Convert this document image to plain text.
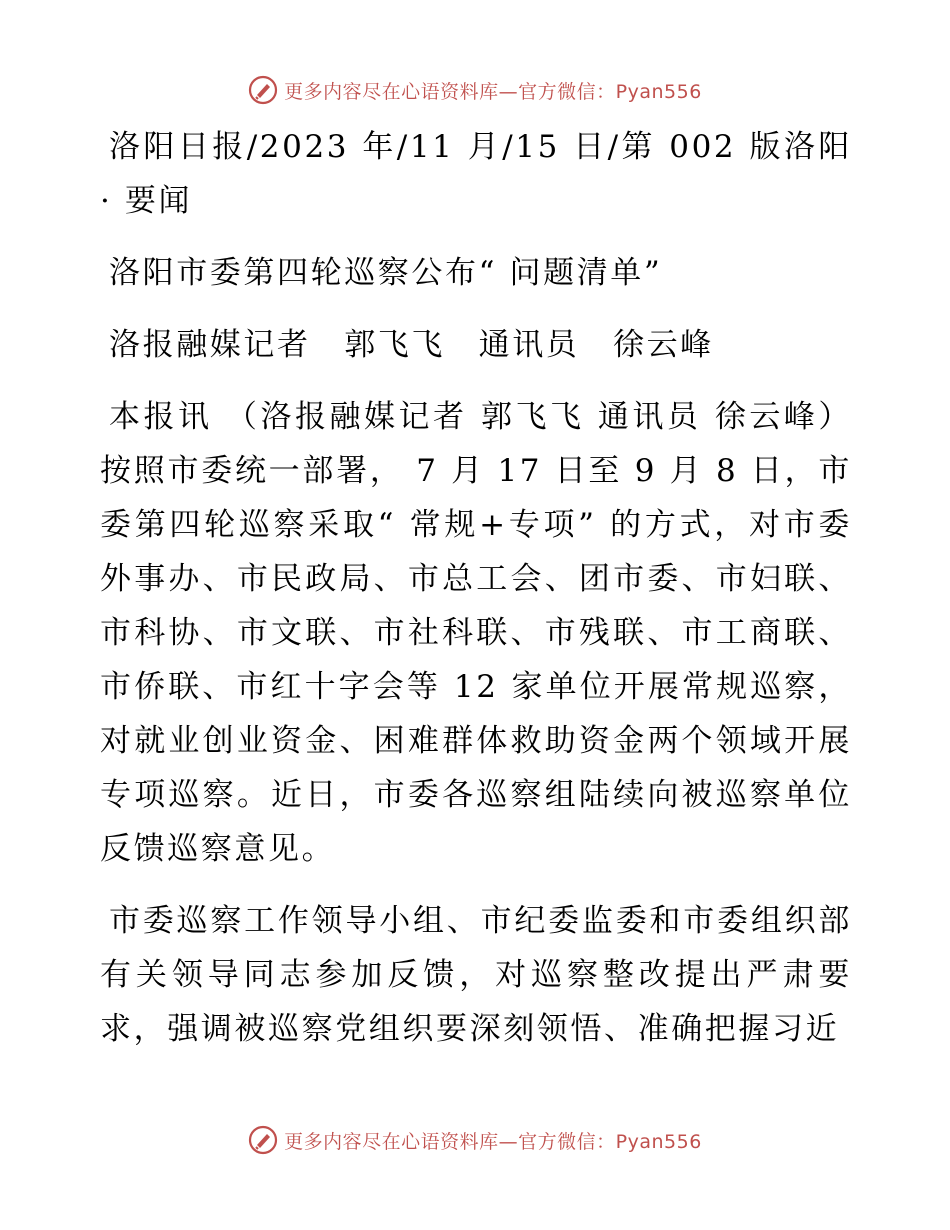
更多内容尽在心语资料库—官方微信：Pyan556

洛阳日报/2023 年/11 月/15 日/第 002 版洛阳 · 要闻

洛阳市委第四轮巡察公布“ 问题清单”

洛报融媒记者　郭飞飞　通讯员　徐云峰

本报讯 （洛报融媒记者 郭飞飞 通讯员 徐云峰） 按照市委统一部署， 7 月 17 日至 9 月 8 日，市委第四轮巡察采取“ 常规+专项” 的方式，对市委外事办、市民政局、市总工会、团市委、市妇联、市科协、市文联、市社科联、市残联、市工商联、市侨联、市红十字会等 12 家单位开展常规巡察，对就业创业资金、困难群体救助资金两个领域开展专项巡察。近日，市委各巡察组陆续向被巡察单位反馈巡察意见。

市委巡察工作领导小组、市纪委监委和市委组织部有关领导同志参加反馈，对巡察整改提出严肃要求，强调被巡察党组织要深刻领悟、准确把握习近

更多内容尽在心语资料库—官方微信：Pyan556
